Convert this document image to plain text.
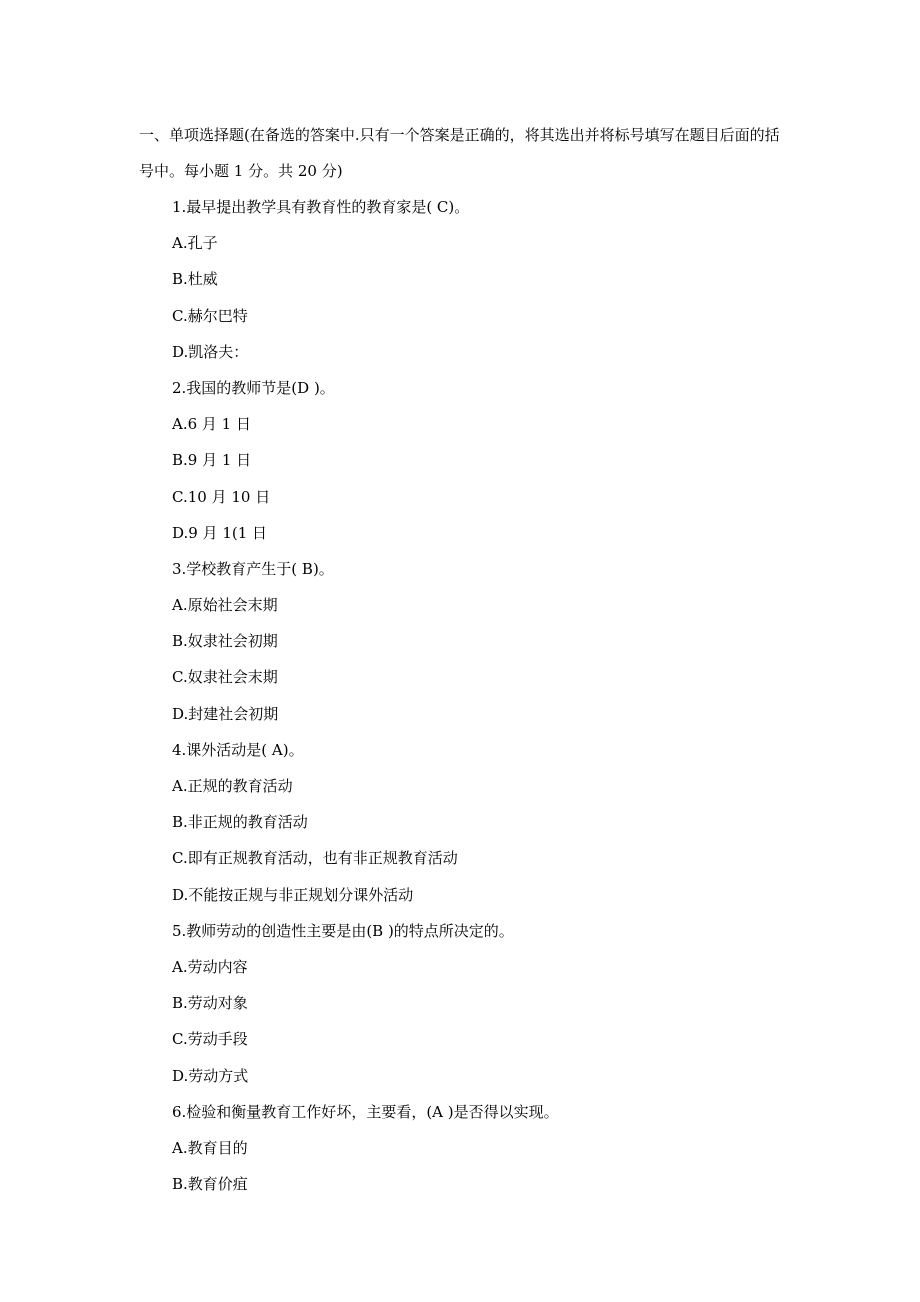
一、单项选择题(在备选的答案中.只有一个答案是正确的，将其选出并将标号填写在题目后面的括号中。每小题 1 分。共 20 分)

1.最早提出教学具有教育性的教育家是( C)。
A.孔子
B.杜威
C.赫尔巴特
D.凯洛夫：
2.我国的教师节是(D )。
A.6 月 1 日
B.9 月 1 日
C.10 月 10 日
D.9 月 1(1 日
3.学校教育产生于( B)。
A.原始社会末期
B.奴隶社会初期
C.奴隶社会末期
D.封建社会初期
4.课外活动是( A)。
A.正规的教育活动
B.非正规的教育活动
C.即有正规教育活动，也有非正规教育活动
D.不能按正规与非正规划分课外活动
5.教师劳动的创造性主要是由(B )的特点所决定的。
A.劳动内容
B.劳动对象
C.劳动手段
D.劳动方式
6.检验和衡量教育工作好坏，主要看，(A )是否得以实现。
A.教育目的
B.教育价疽
